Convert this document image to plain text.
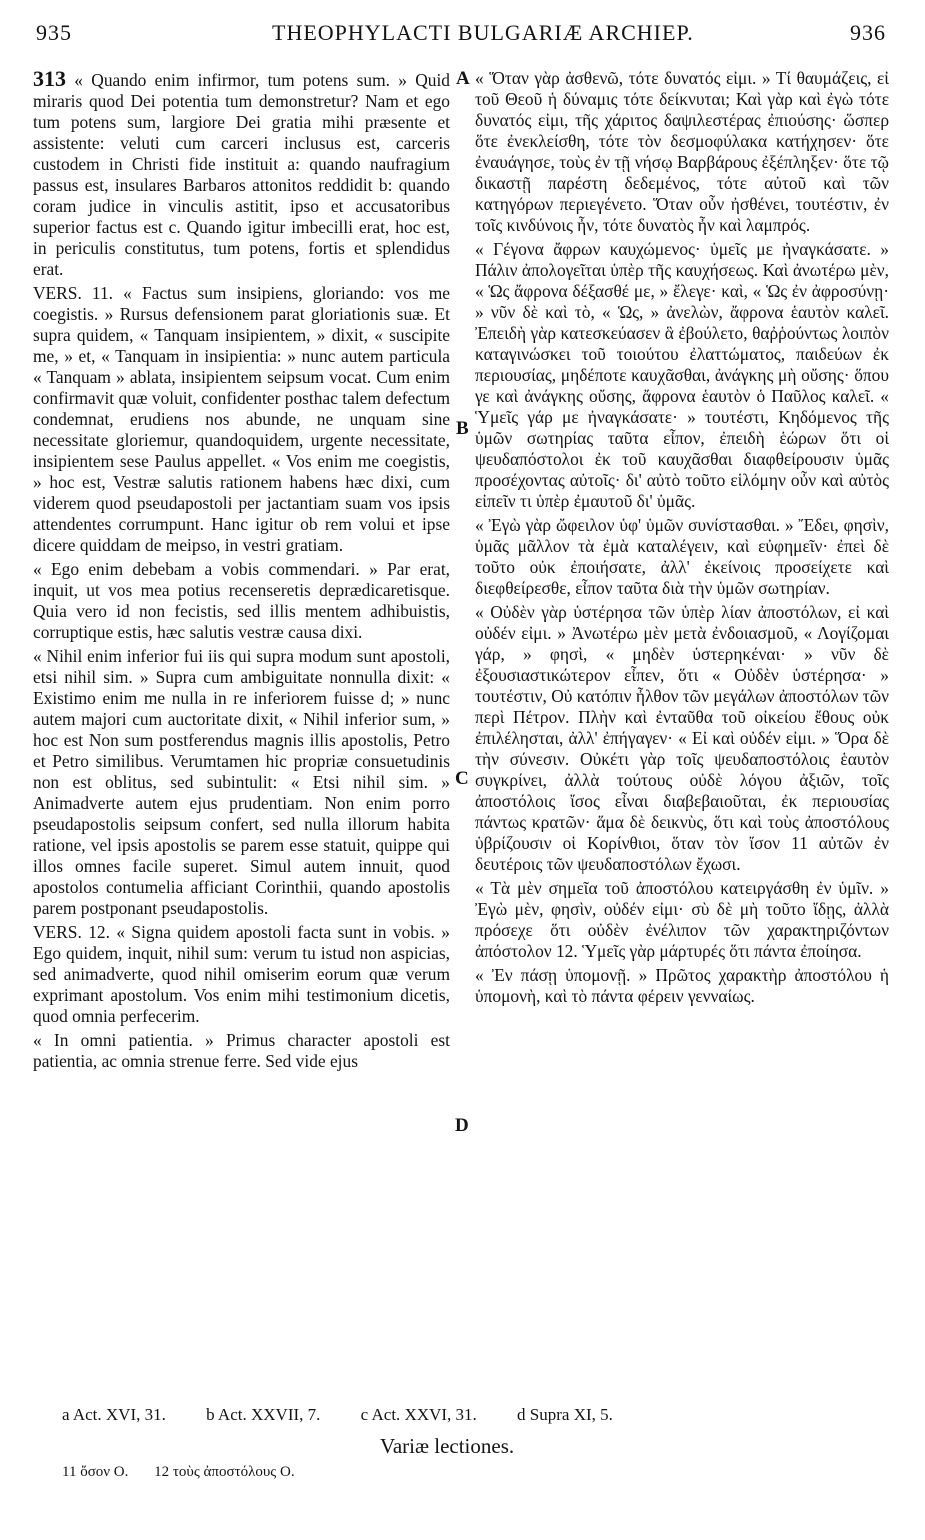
935	THEOPHYLACTI BULGARIÆ ARCHIEP.	936

313 « Quando enim infirmor, tum potens sum. » Quid miraris quod Dei potentia tum demonstretur? Nam et ego tum potens sum, largiore Dei gratia mihi præsente et assistente: veluti cum carceri inclusus est, carceris custodem in Christi fide instituit a: quando naufragium passus est, insulares Barbaros attonitos reddidit b: quando coram judice in vinculis astitit, ipso et accusatoribus superior factus est c. Quando igitur imbecilli erat, hoc est, in periculis constitutus, tum potens, fortis et splendidus erat.

VERS. 11. « Factus sum insipiens, gloriando: vos me coegistis. » Rursus defensionem parat gloriationis suæ. Et supra quidem, « Tanquam insipientem, » dixit, « suscipite me, » et, « Tanquam in insipientia: » nunc autem particula « Tanquam » ablata, insipientem seipsum vocat. Cum enim confirmavit quæ voluit, confidenter posthac talem defectum condemnat, erudiens nos abunde, ne unquam sine necessitate gloriemur, quandoquidem, urgente necessitate, insipientem sese Paulus appellet. « Vos enim me coegistis, » hoc est, Vestræ salutis rationem habens hæc dixi, cum viderem quod pseudapostoli per jactantiam suam vos ipsis attendentes corrumpunt. Hanc igitur ob rem volui et ipse dicere quiddam de meipso, in vestri gratiam.

« Ego enim debebam a vobis commendari. » Par erat, inquit, ut vos mea potius recenseretis deprædicaretisque. Quia vero id non fecistis, sed illis mentem adhibuistis, corruptique estis, hæc salutis vestræ causa dixi.

« Nihil enim inferior fui iis qui supra modum sunt apostoli, etsi nihil sim. » Supra cum ambiguitate nonnulla dixit: « Existimo enim me nulla in re inferiorem fuisse d; » nunc autem majori cum auctoritate dixit, « Nihil inferior sum, » hoc est Non sum postferendus magnis illis apostolis, Petro et Petro similibus. Verumtamen hic propriæ consuetudinis non est oblitus, sed subintulit: « Etsi nihil sim. » Animadverte autem ejus prudentiam. Non enim porro pseudapostolis seipsum confert, sed nulla illorum habita ratione, vel ipsis apostolis se parem esse statuit, quippe qui illos omnes facile superet. Simul autem innuit, quod apostolos contumelia afficiant Corinthii, quando apostolis parem postponant pseudapostolis.

VERS. 12. « Signa quidem apostoli facta sunt in vobis. » Ego quidem, inquit, nihil sum: verum tu istud non aspicias, sed animadverte, quod nihil omiserim eorum quæ verum exprimant apostolum. Vos enim mihi testimonium dicetis, quod omnia perfecerim.

« In omni patientia. » Primus character apostoli est patientia, ac omnia strenue ferre. Sed vide ejus

A
B
C
D

« Ὅταν γὰρ ἀσθενῶ, τότε δυνατός εἰμι. » Τί θαυμάζεις, εἰ τοῦ Θεοῦ ἡ δύναμις τότε δείκνυται; Καὶ γὰρ καὶ ἐγὼ τότε δυνατός εἰμι, τῆς χάριτος δαψιλεστέρας ἐπιούσης· ὥσπερ ὅτε ἐνεκλείσθη, τότε τὸν δεσμοφύλακα κατήχησεν· ὅτε ἐναυάγησε, τοὺς ἐν τῇ νήσῳ Βαρβάρους ἐξέπληξεν· ὅτε τῷ δικαστῇ παρέστη δεδεμένος, τότε αὐτοῦ καὶ τῶν κατηγόρων περιεγένετο. Ὅταν οὖν ἠσθένει, τουτέστιν, ἐν τοῖς κινδύνοις ἦν, τότε δυνατὸς ἦν καὶ λαμπρός.

« Γέγονα ἄφρων καυχώμενος· ὑμεῖς με ἠναγκάσατε. » Πάλιν ἀπολογεῖται ὑπὲρ τῆς καυχήσεως. Καὶ ἀνωτέρω μὲν, « Ὡς ἄφρονα δέξασθέ με, » ἔλεγε· καὶ, « Ὡς ἐν ἀφροσύνῃ· » νῦν δὲ καὶ τὸ, « Ὡς, » ἀνελὼν, ἄφρονα ἑαυτὸν καλεῖ. Ἐπειδὴ γὰρ κατεσκεύασεν ἃ ἐβούλετο, θαῤῥούντως λοιπὸν καταγινώσκει τοῦ τοιούτου ἐλαττώματος, παιδεύων ἐκ περιουσίας, μηδέποτε καυχᾶσθαι, ἀνάγκης μὴ οὔσης· ὅπου γε καὶ ἀνάγκης οὔσης, ἄφρονα ἑαυτὸν ὁ Παῦλος καλεῖ. « Ὑμεῖς γάρ με ἠναγκάσατε· » τουτέστι, Κηδόμενος τῆς ὑμῶν σωτηρίας ταῦτα εἶπον, ἐπειδὴ ἑώρων ὅτι οἱ ψευδαπόστολοι ἐκ τοῦ καυχᾶσθαι διαφθείρουσιν ὑμᾶς προσέχοντας αὐτοῖς· δι' αὐτὸ τοῦτο εἱλόμην οὖν καὶ αὐτὸς εἰπεῖν τι ὑπὲρ ἐμαυτοῦ δι' ὑμᾶς.

« Ἐγὼ γὰρ ὤφειλον ὑφ' ὑμῶν συνίστασθαι. » Ἔδει, φησὶν, ὑμᾶς μᾶλλον τὰ ἐμὰ καταλέγειν, καὶ εὐφημεῖν· ἐπεὶ δὲ τοῦτο οὐκ ἐποιήσατε, ἀλλ' ἐκείνοις προσείχετε καὶ διεφθείρεσθε, εἶπον ταῦτα διὰ τὴν ὑμῶν σωτηρίαν.

« Οὐδὲν γὰρ ὑστέρησα τῶν ὑπὲρ λίαν ἀποστόλων, εἰ καὶ οὐδέν εἰμι. » Ἀνωτέρω μὲν μετὰ ἐνδοιασμοῦ, « Λογίζομαι γάρ, » φησὶ, « μηδὲν ὑστερηκέναι· » νῦν δὲ ἐξουσιαστικώτερον εἶπεν, ὅτι « Οὐδὲν ὑστέρησα· » τουτέστιν, Οὐ κατόπιν ἦλθον τῶν μεγάλων ἀποστόλων τῶν περὶ Πέτρον. Πλὴν καὶ ἐνταῦθα τοῦ οἰκείου ἔθους οὐκ ἐπιλέλησται, ἀλλ' ἐπήγαγεν· « Εἰ καὶ οὐδέν εἰμι. » Ὅρα δὲ τὴν σύνεσιν. Οὐκέτι γὰρ τοῖς ψευδαποστόλοις ἑαυτὸν συγκρίνει, ἀλλὰ τούτους οὐδὲ λόγου ἀξιῶν, τοῖς ἀποστόλοις ἴσος εἶναι διαβεβαιοῦται, ἐκ περιουσίας πάντως κρατῶν· ἅμα δὲ δεικνὺς, ὅτι καὶ τοὺς ἀποστόλους ὑβρίζουσιν οἱ Κορίνθιοι, ὅταν τὸν ἴσον 11 αὐτῶν ἐν δευτέροις τῶν ψευδαποστόλων ἔχωσι.

« Τὰ μὲν σημεῖα τοῦ ἀποστόλου κατειργάσθη ἐν ὑμῖν. » Ἐγὼ μὲν, φησὶν, οὐδέν εἰμι· σὺ δὲ μὴ τοῦτο ἴδῃς, ἀλλὰ πρόσεχε ὅτι οὐδὲν ἐνέλιπον τῶν χαρακτηριζόντων ἀπόστολον 12. Ὑμεῖς γὰρ μάρτυρές ὅτι πάντα ἐποίησα.

« Ἐν πάσῃ ὑπομονῇ. » Πρῶτος χαρακτὴρ ἀποστόλου ἡ ὑπομονὴ, καὶ τὸ πάντα φέρειν γενναίως.

a Act. XVI, 31. b Act. XXVII, 7. c Act. XXVI, 31. d Supra XI, 5.
Variæ lectiones.
11 ὅσον O. 12 τοὺς ἀποστόλους O.
